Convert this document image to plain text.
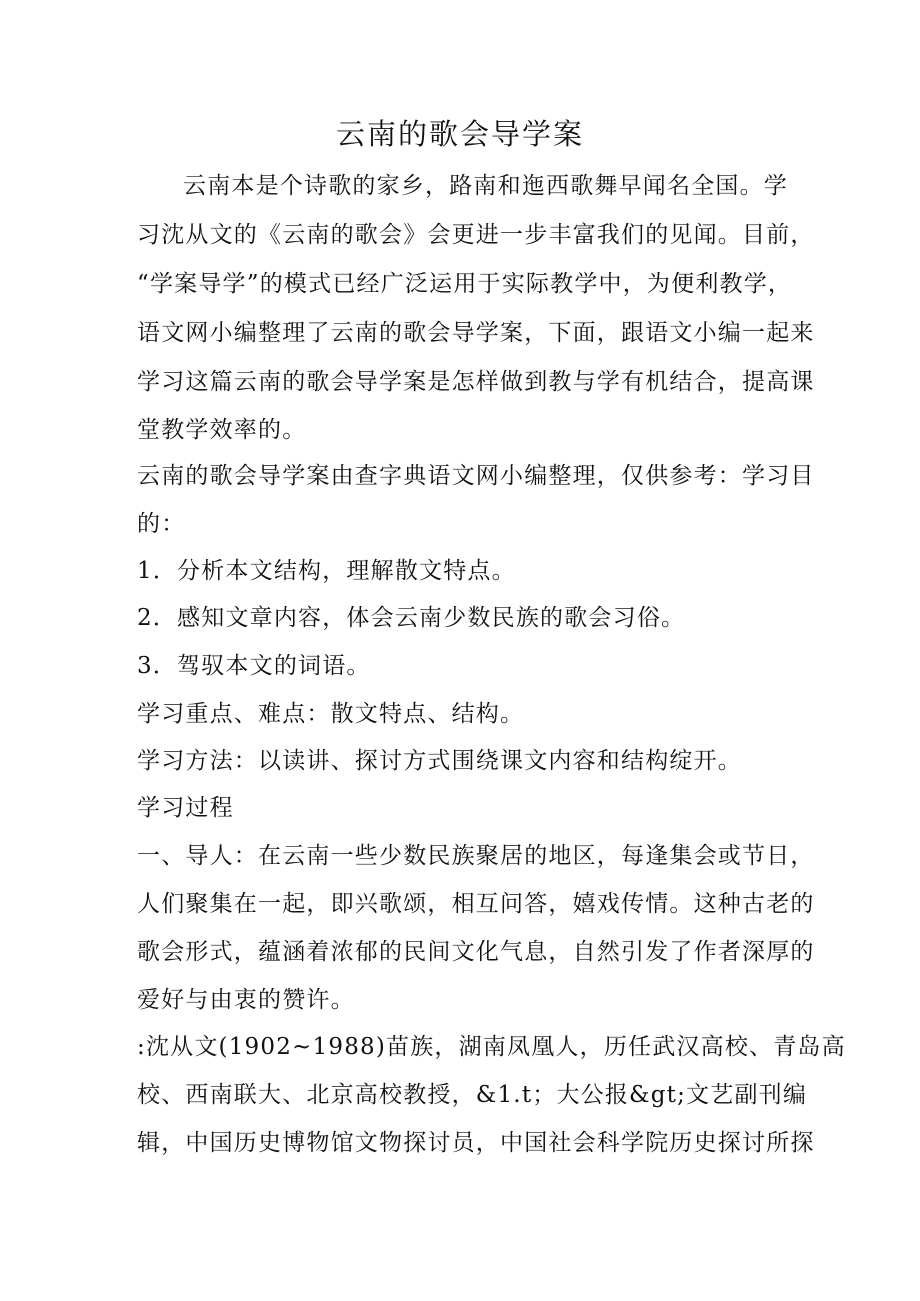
云南的歌会导学案
云南本是个诗歌的家乡，路南和迤西歌舞早闻名全国。学
习沈从文的《云南的歌会》会更进一步丰富我们的见闻。目前，
“学案导学”的模式已经广泛运用于实际教学中，为便利教学，
语文网小编整理了云南的歌会导学案，下面，跟语文小编一起来
学习这篇云南的歌会导学案是怎样做到教与学有机结合，提高课
堂教学效率的。
云南的歌会导学案由查字典语文网小编整理，仅供参考：学习目
的：
1．分析本文结构，理解散文特点。
2．感知文章内容，体会云南少数民族的歌会习俗。
3．驾驭本文的词语。
学习重点、难点：散文特点、结构。
学习方法：以读讲、探讨方式围绕课文内容和结构绽开。
学习过程
一、导人：在云南一些少数民族聚居的地区，每逢集会或节日，
人们聚集在一起，即兴歌颂，相互问答，嬉戏传情。这种古老的
歌会形式，蕴涵着浓郁的民间文化气息，自然引发了作者深厚的
爱好与由衷的赞许。
:沈从文(1902~1988)苗族，湖南凤凰人，历任武汉高校、青岛高
校、西南联大、北京高校教授，&1.t；大公报&gt;文艺副刊编
辑，中国历史博物馆文物探讨员，中国社会科学院历史探讨所探
